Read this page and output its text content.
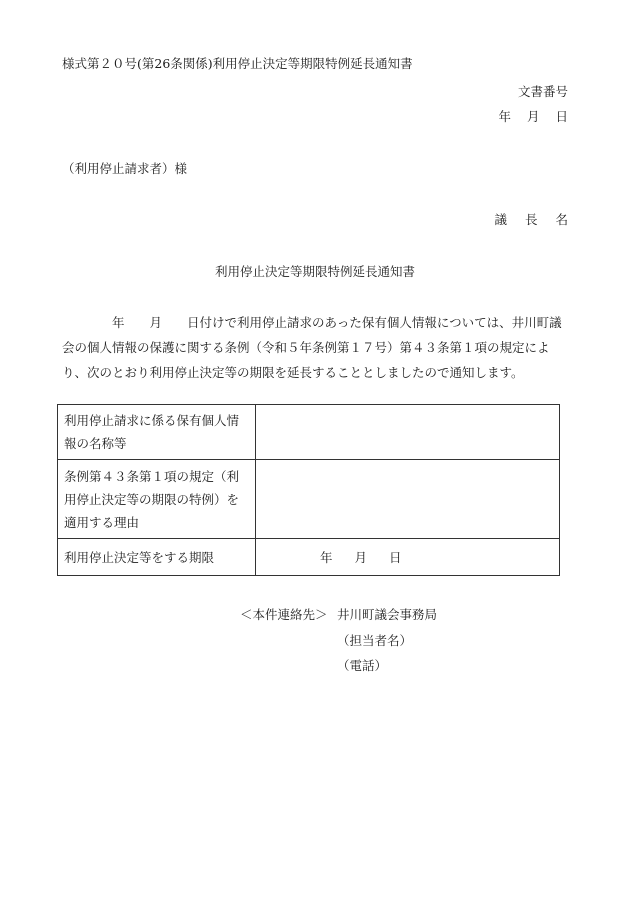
様式第２０号(第26条関係)利用停止決定等期限特例延長通知書
文書番号
年 月 日
（利用停止請求者）様
議 長 名
利用停止決定等期限特例延長通知書
年　　月　　日付けで利用停止請求のあった保有個人情報については、井川町議会の個人情報の保護に関する条例（令和５年条例第１７号）第４３条第１項の規定により、次のとおり利用停止決定等の期限を延長することとしましたので通知します。
利用停止請求に係る保有個人情報の名称等	
条例第４３条第１項の規定（利用停止決定等の期限の特例）を適用する理由	
利用停止決定等をする期限	年 月 日
＜本件連絡先＞ 井川町議会事務局
（担当者名）
（電話）
